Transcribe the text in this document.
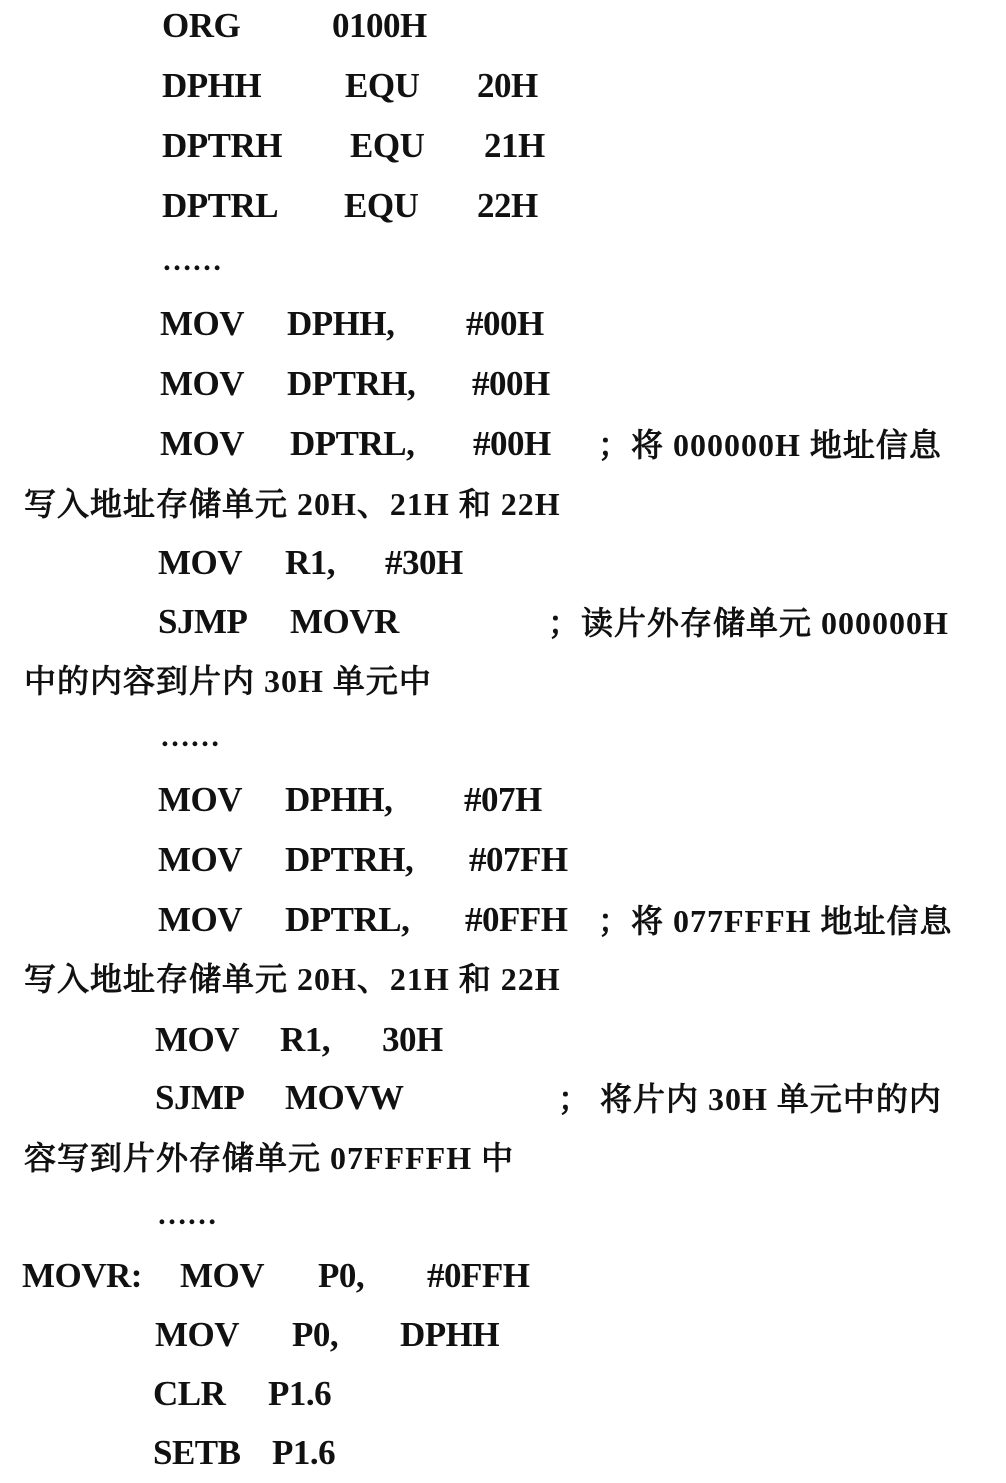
ORG	0100H
DPHH EQU 20H
DPTRH EQU 21H
DPTRL EQU 22H
……
MOV DPHH, #00H
MOV DPTRH, #00H
MOV DPTRL, #00H ；将 000000H 地址信息
写入地址存储单元 20H、21H 和 22H
MOV R1, #30H
SJMP MOVR	；读片外存储单元 000000H
中的内容到片内 30H 单元中
……
MOV DPHH, #07H
MOV DPTRH, #07FH
MOV DPTRL, #0FFH ；将 077FFFH 地址信息
写入地址存储单元 20H、21H 和 22H
MOV R1, 30H
SJMP MOVW	； 将片内 30H 单元中的内
容写到片外存储单元 07FFFFH 中
……
MOVR: MOV P0, #0FFH
MOV P0, DPHH
CLR P1.6
SETB P1.6
